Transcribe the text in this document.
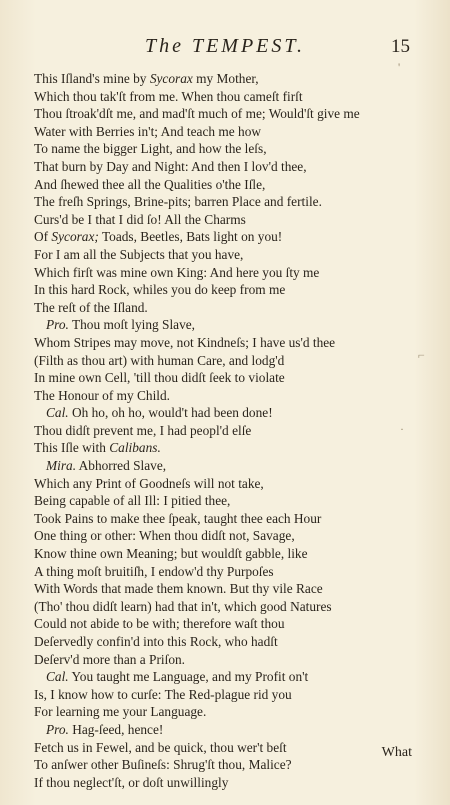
The TEMPEST.	15
'
⌐
·
This Iſland's mine by Sycorax my Mother,
Which thou tak'ſt from me. When thou cameſt firſt
Thou ſtroak'dſt me, and mad'ſt much of me; Would'ſt give me
Water with Berries in't; And teach me how
To name the bigger Light, and how the leſs,
That burn by Day and Night: And then I lov'd thee,
And ſhewed thee all the Qualities o'the Iſle,
The freſh Springs, Brine-pits; barren Place and fertile.
Curs'd be I that I did ſo! All the Charms
Of Sycorax; Toads, Beetles, Bats light on you!
For I am all the Subjects that you have,
Which firſt was mine own King: And here you ſty me
In this hard Rock, whiles you do keep from me
The reſt of the Iſland.
Pro. Thou moſt lying Slave,
Whom Stripes may move, not Kindneſs; I have us'd thee
(Filth as thou art) with human Care, and lodg'd
In mine own Cell, 'till thou didſt ſeek to violate
The Honour of my Child.
Cal. Oh ho, oh ho, would't had been done!
Thou didſt prevent me, I had peopl'd elſe
This Iſle with Calibans.
Mira. Abhorred Slave,
Which any Print of Goodneſs will not take,
Being capable of all Ill: I pitied thee,
Took Pains to make thee ſpeak, taught thee each Hour
One thing or other: When thou didſt not, Savage,
Know thine own Meaning; but wouldſt gabble, like
A thing moſt bruitiſh, I endow'd thy Purpoſes
With Words that made them known. But thy vile Race
(Tho' thou didſt learn) had that in't, which good Natures
Could not abide to be with; therefore waſt thou
Deſervedly confin'd into this Rock, who hadſt
Deſerv'd more than a Priſon.
Cal. You taught me Language, and my Profit on't
Is, I know how to curſe: The Red-plague rid you
For learning me your Language.
Pro. Hag-ſeed, hence!
Fetch us in Fewel, and be quick, thou wer't beſt
To anſwer other Buſineſs: Shrug'ſt thou, Malice?
If thou neglect'ſt, or doſt unwillingly
What
